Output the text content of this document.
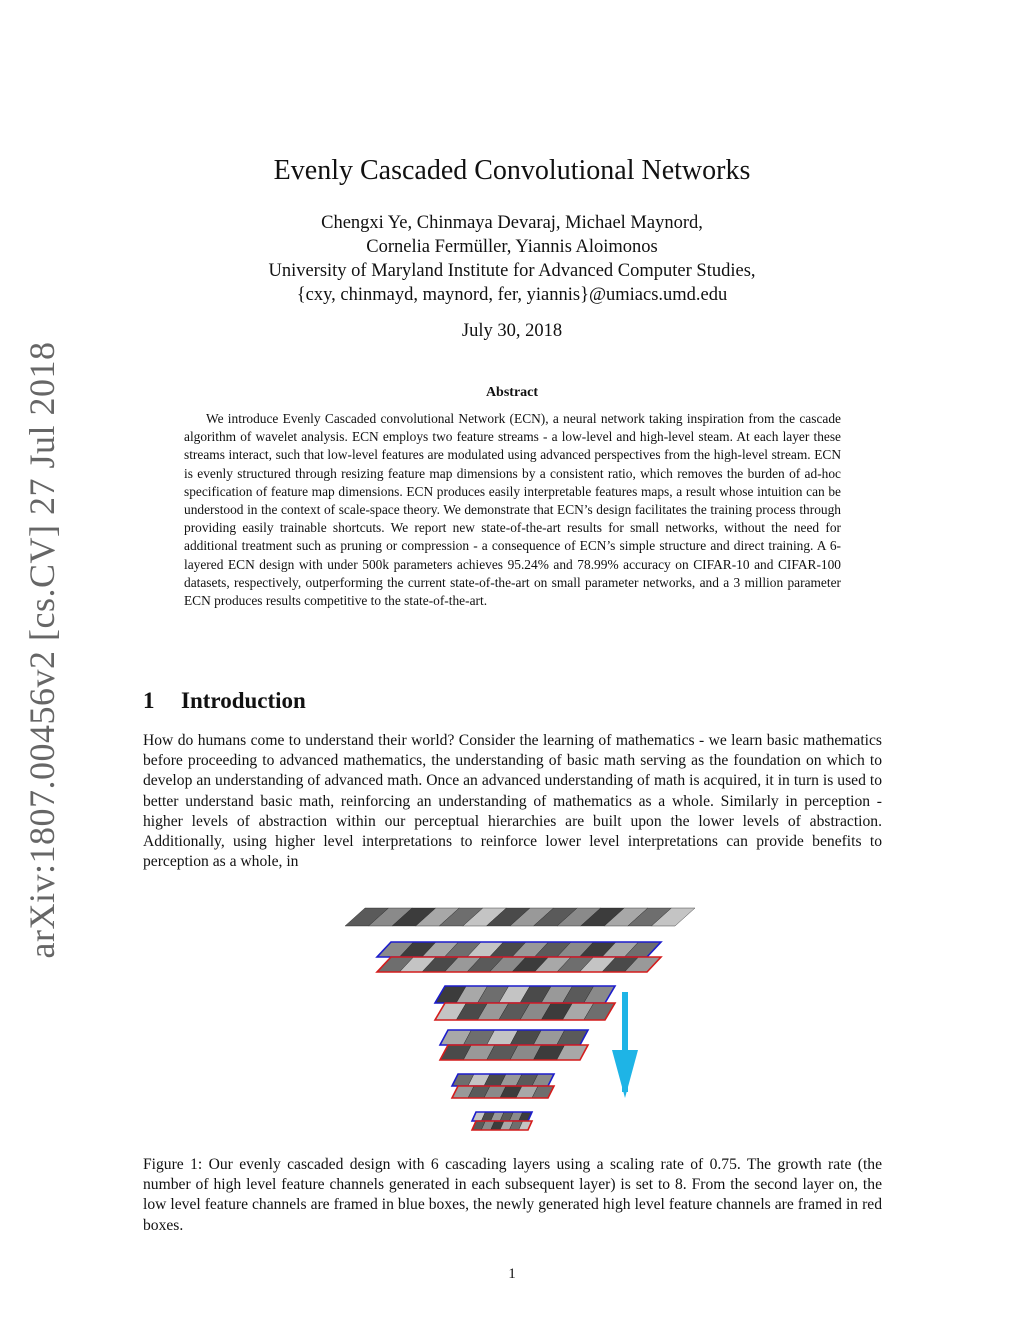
arXiv:1807.00456v2 [cs.CV] 27 Jul 2018
Evenly Cascaded Convolutional Networks
Chengxi Ye, Chinmaya Devaraj, Michael Maynord,
Cornelia Fermüller, Yiannis Aloimonos
University of Maryland Institute for Advanced Computer Studies,
{cxy, chinmayd, maynord, fer, yiannis}@umiacs.umd.edu
July 30, 2018
Abstract
We introduce Evenly Cascaded convolutional Network (ECN), a neural network taking inspiration from the cascade algorithm of wavelet analysis. ECN employs two feature streams - a low-level and high-level steam. At each layer these streams interact, such that low-level features are modulated using advanced perspectives from the high-level stream. ECN is evenly structured through resizing feature map dimensions by a consistent ratio, which removes the burden of ad-hoc specification of feature map dimensions. ECN produces easily interpretable features maps, a result whose intuition can be understood in the context of scale-space theory. We demonstrate that ECN’s design facilitates the training process through providing easily trainable shortcuts. We report new state-of-the-art results for small networks, without the need for additional treatment such as pruning or compression - a consequence of ECN’s simple structure and direct training. A 6-layered ECN design with under 500k parameters achieves 95.24% and 78.99% accuracy on CIFAR-10 and CIFAR-100 datasets, respectively, outperforming the current state-of-the-art on small parameter networks, and a 3 million parameter ECN produces results competitive to the state-of-the-art.
1 Introduction
How do humans come to understand their world? Consider the learning of mathematics - we learn basic mathematics before proceeding to advanced mathematics, the understanding of basic math serving as the foundation on which to develop an understanding of advanced math. Once an advanced understanding of math is acquired, it in turn is used to better understand basic math, reinforcing an understanding of mathematics as a whole. Similarly in perception - higher levels of abstraction within our perceptual hierarchies are built upon the lower levels of abstraction. Additionally, using higher level interpretations to reinforce lower level interpretations can provide benefits to perception as a whole, in
Figure 1: Our evenly cascaded design with 6 cascading layers using a scaling rate of 0.75. The growth rate (the number of high level feature channels generated in each subsequent layer) is set to 8. From the second layer on, the low level feature channels are framed in blue boxes, the newly generated high level feature channels are framed in red boxes.
1
